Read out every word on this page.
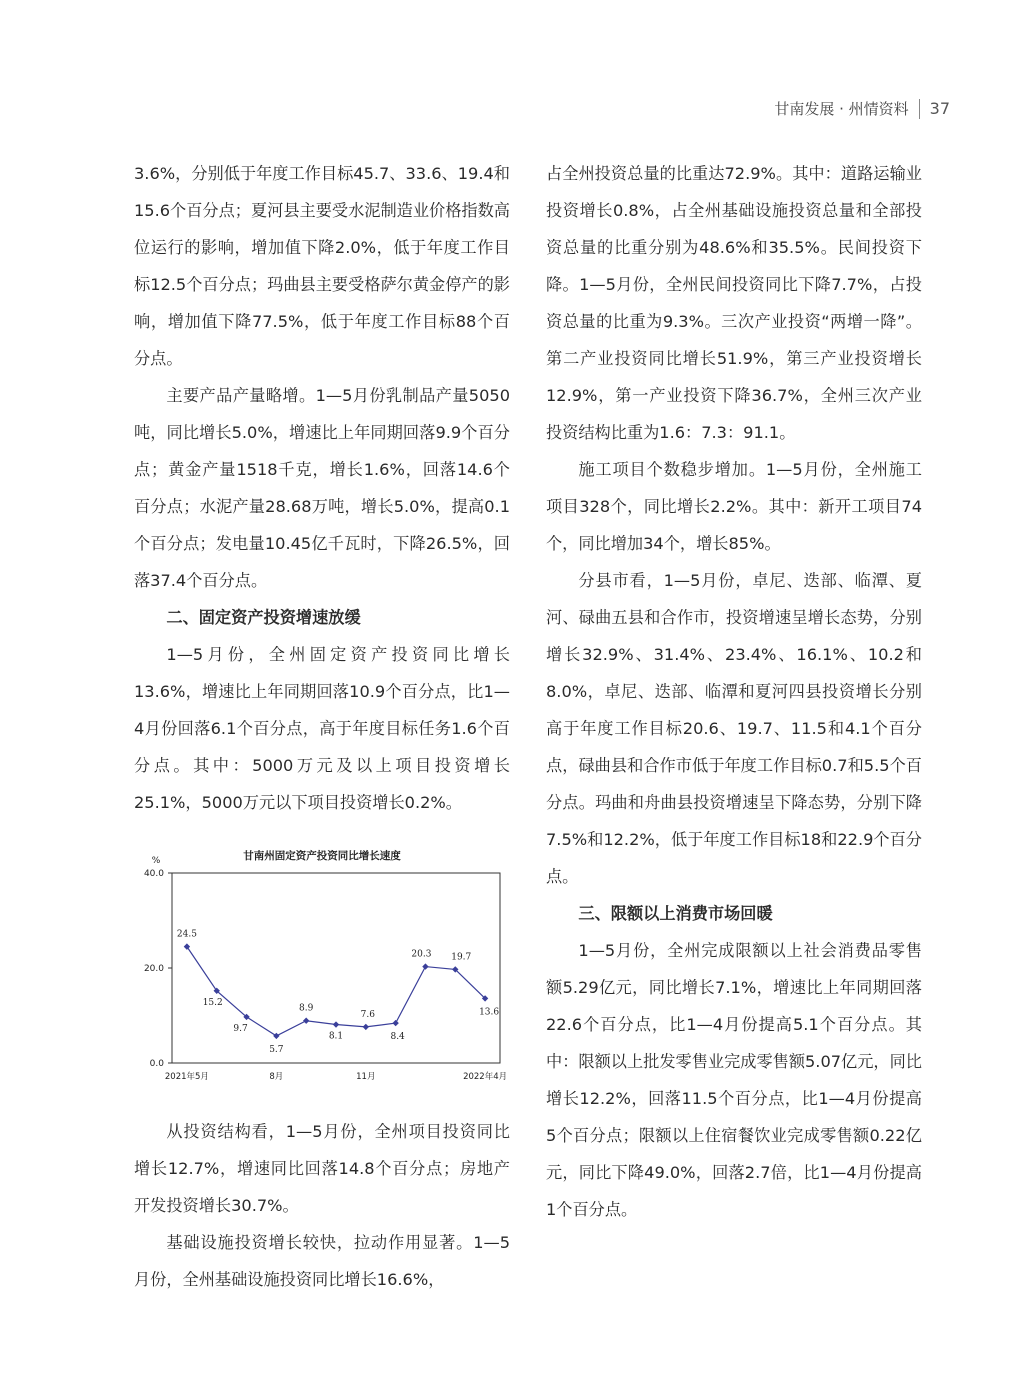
甘南发展 · 州情资料 37

3.6%，分别低于年度工作目标45.7、33.6、19.4和15.6个百分点；夏河县主要受水泥制造业价格指数高位运行的影响，增加值下降2.0%，低于年度工作目标12.5个百分点；玛曲县主要受格萨尔黄金停产的影响，增加值下降77.5%，低于年度工作目标88个百分点。

主要产品产量略增。1—5月份乳制品产量5050吨，同比增长5.0%，增速比上年同期回落9.9个百分点；黄金产量1518千克，增长1.6%，回落14.6个百分点；水泥产量28.68万吨，增长5.0%，提高0.1个百分点；发电量10.45亿千瓦时，下降26.5%，回落37.4个百分点。

二、固定资产投资增速放缓

1—5月份，全州固定资产投资同比增长13.6%，增速比上年同期回落10.9个百分点，比1—4月份回落6.1个百分点，高于年度目标任务1.6个百分点。其中：5000万元及以上项目投资增长25.1%，5000万元以下项目投资增长0.2%。

甘南州固定资产投资同比增长速度
%
0.0
20.0
40.0
2021年5月	8月	11月	2022年4月
24.5
15.2
9.7
5.7
8.9
8.1
7.6
8.4
20.3 19.7
13.6

从投资结构看，1—5月份，全州项目投资同比增长12.7%，增速同比回落14.8个百分点；房地产开发投资增长30.7%。

基础设施投资增长较快，拉动作用显著。1—5月份，全州基础设施投资同比增长16.6%，

占全州投资总量的比重达72.9%。其中：道路运输业投资增长0.8%，占全州基础设施投资总量和全部投资总量的比重分别为48.6%和35.5%。民间投资下降。1—5月份，全州民间投资同比下降7.7%，占投资总量的比重为9.3%。三次产业投资“两增一降”。第二产业投资同比增长51.9%，第三产业投资增长12.9%，第一产业投资下降36.7%，全州三次产业投资结构比重为1.6：7.3：91.1。

施工项目个数稳步增加。1—5月份，全州施工项目328个，同比增长2.2%。其中：新开工项目74个，同比增加34个，增长85%。

分县市看，1—5月份，卓尼、迭部、临潭、夏河、碌曲五县和合作市，投资增速呈增长态势，分别增长32.9%、31.4%、23.4%、16.1%、10.2和8.0%，卓尼、迭部、临潭和夏河四县投资增长分别高于年度工作目标20.6、19.7、11.5和4.1个百分点，碌曲县和合作市低于年度工作目标0.7和5.5个百分点。玛曲和舟曲县投资增速呈下降态势，分别下降7.5%和12.2%，低于年度工作目标18和22.9个百分点。

三、限额以上消费市场回暖

1—5月份，全州完成限额以上社会消费品零售额5.29亿元，同比增长7.1%，增速比上年同期回落22.6个百分点，比1—4月份提高5.1个百分点。其中：限额以上批发零售业完成零售额5.07亿元，同比增长12.2%，回落11.5个百分点，比1—4月份提高5个百分点；限额以上住宿餐饮业完成零售额0.22亿元，同比下降49.0%，回落2.7倍，比1—4月份提高1个百分点。
